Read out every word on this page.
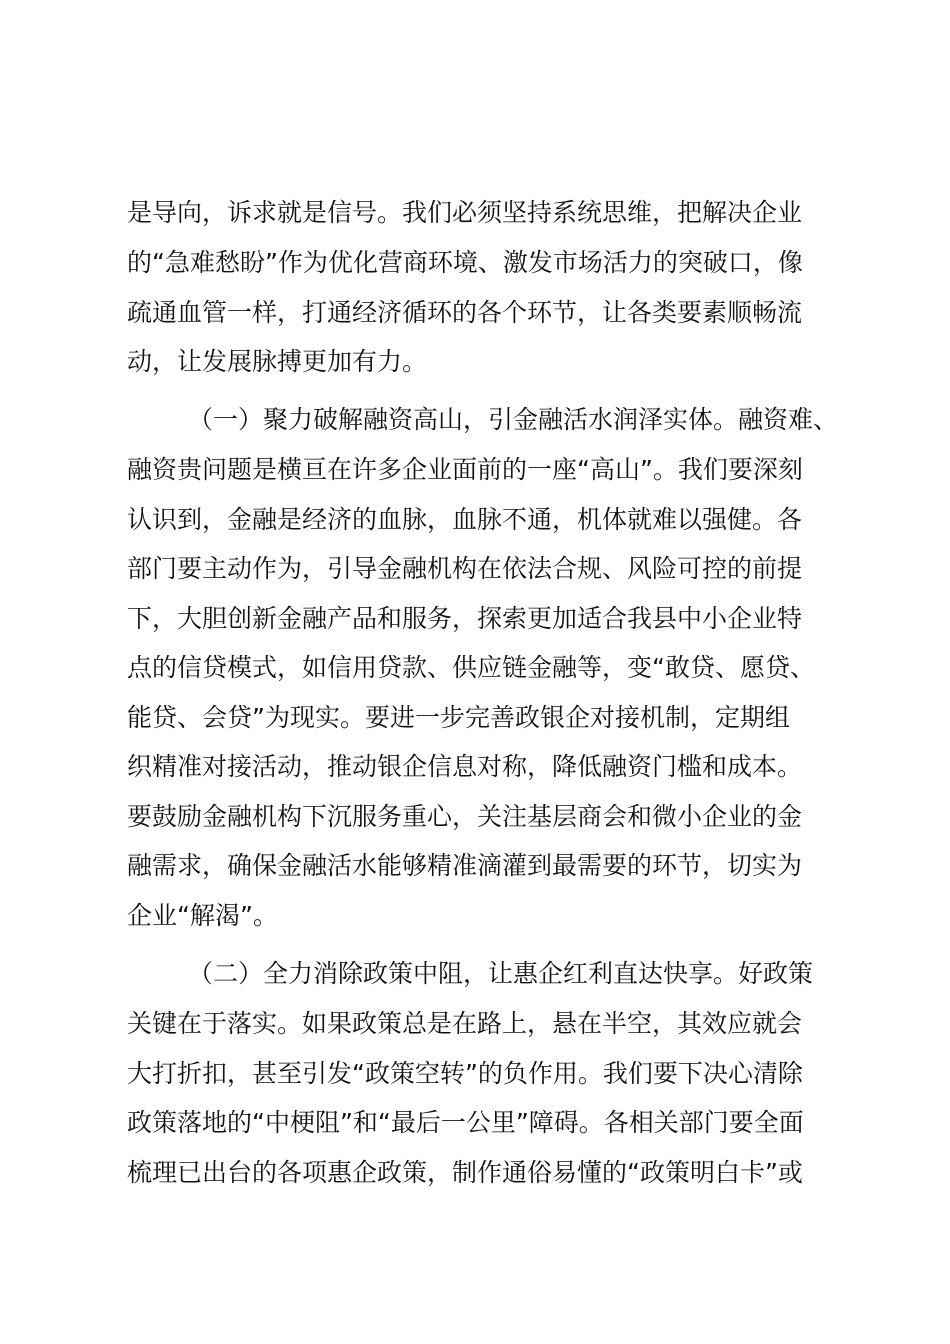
是导向，诉求就是信号。我们必须坚持系统思维，把解决企业

的“急难愁盼”作为优化营商环境、激发市场活力的突破口，像

疏通血管一样，打通经济循环的各个环节，让各类要素顺畅流

动，让发展脉搏更加有力。

（一）聚力破解融资高山，引金融活水润泽实体。融资难、

融资贵问题是横亘在许多企业面前的一座“高山”。我们要深刻

认识到，金融是经济的血脉，血脉不通，机体就难以强健。各

部门要主动作为，引导金融机构在依法合规、风险可控的前提

下，大胆创新金融产品和服务，探索更加适合我县中小企业特

点的信贷模式，如信用贷款、供应链金融等，变“敢贷、愿贷、

能贷、会贷”为现实。要进一步完善政银企对接机制，定期组

织精准对接活动，推动银企信息对称，降低融资门槛和成本。

要鼓励金融机构下沉服务重心，关注基层商会和微小企业的金

融需求，确保金融活水能够精准滴灌到最需要的环节，切实为

企业“解渴”。

（二）全力消除政策中阻，让惠企红利直达快享。好政策

关键在于落实。如果政策总是在路上，悬在半空，其效应就会

大打折扣，甚至引发“政策空转”的负作用。我们要下决心清除

政策落地的“中梗阻”和“最后一公里”障碍。各相关部门要全面

梳理已出台的各项惠企政策，制作通俗易懂的“政策明白卡”或
